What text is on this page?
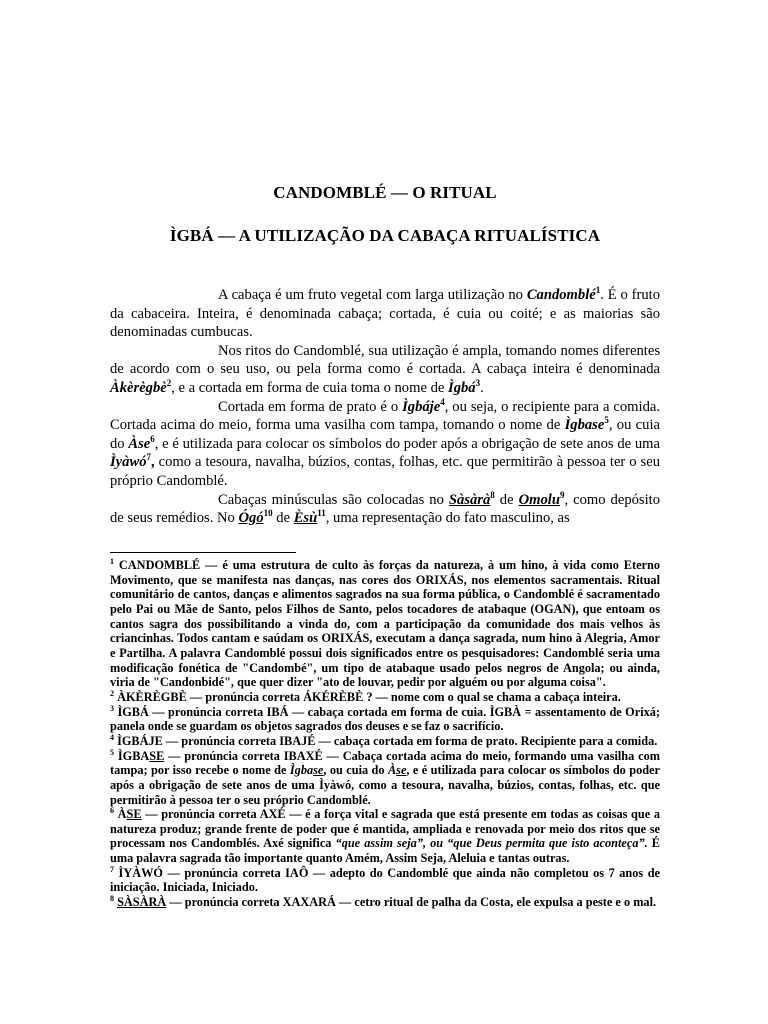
CANDOMBLÉ — O RITUAL
ÌGBÁ — A UTILIZAÇÃO DA CABAÇA RITUALÍSTICA

A cabaça é um fruto vegetal com larga utilização no Candomblé$^1$. É o fruto da cabaceira. Inteira, é denominada cabaça; cortada, é cuia ou coité; e as maiorias são denominadas cumbucas.

Nos ritos do Candomblé, sua utilização é ampla, tomando nomes diferentes de acordo com o seu uso, ou pela forma como é cortada. A cabaça inteira é denominada Àkèrègbè$^2$, e a cortada em forma de cuia toma o nome de Ìgbá$^3$.

Cortada em forma de prato é o Ìgbáje$^4$, ou seja, o recipiente para a comida. Cortada acima do meio, forma uma vasilha com tampa, tomando o nome de Ìgbase$^5$, ou cuia do Àse$^6$, e é utilizada para colocar os símbolos do poder após a obrigação de sete anos de uma Ìyàwó$^7$, como a tesoura, navalha, búzios, contas, folhas, etc. que permitirão à pessoa ter o seu próprio Candomblé.

Cabaças minúsculas são colocadas no Sàsàrà$^8$ de Omolu$^9$, como depósito de seus remédios. No Ógó$^{10}$ de Èsù$^{11}$, uma representação do fato masculino, as

$^1$ CANDOMBLÉ — é uma estrutura de culto às forças da natureza, à um hino, à vida como Eterno Movimento, que se manifesta nas danças, nas cores dos ORIXÁS, nos elementos sacramentais. Ritual comunitário de cantos, danças e alimentos sagrados na sua forma pública, o Candomblé é sacramentado pelo Pai ou Mãe de Santo, pelos Filhos de Santo, pelos tocadores de atabaque (OGAN), que entoam os cantos sagra dos possibilitando a vinda do, com a participação da comunidade dos mais velhos às criancinhas. Todos cantam e saúdam os ORIXÁS, executam a dança sagrada, num hino à Alegria, Amor e Partilha. A palavra Candomblé possui dois significados entre os pesquisadores: Candomblé seria uma modificação fonética de "Candombé", um tipo de atabaque usado pelos negros de Angola; ou ainda, viria de "Candonbidé", que quer dizer "ato de louvar, pedir por alguém ou por alguma coisa".

$^2$ ÀKÈRÈGBÈ — pronúncia correta ÁKÉRÈBÈ ? — nome com o qual se chama a cabaça inteira.

$^3$ ÌGBÁ — pronúncia correta IBÁ — cabaça cortada em forma de cuia. ÌGBÀ = assentamento de Orixá; panela onde se guardam os objetos sagrados dos deuses e se faz o sacrifício.

$^4$ ÌGBÁJE — pronúncia correta IBAJÉ — cabaça cortada em forma de prato. Recipiente para a comida.

$^5$ ÌGBASE — pronúncia correta IBAXÉ — Cabaça cortada acima do meio, formando uma vasilha com tampa; por isso recebe o nome de Ìgbase, ou cuia do Àse, e é utilizada para colocar os símbolos do poder após a obrigação de sete anos de uma Ìyàwó, como a tesoura, navalha, búzios, contas, folhas, etc. que permitirão à pessoa ter o seu próprio Candomblé.

$^6$ ÀSE — pronúncia correta AXÉ — é a força vital e sagrada que está presente em todas as coisas que a natureza produz; grande frente de poder que é mantida, ampliada e renovada por meio dos ritos que se processam nos Candomblés. Axé significa “que assim seja”, ou “que Deus permita que isto aconteça”. É uma palavra sagrada tão importante quanto Amém, Assim Seja, Aleluia e tantas outras.

$^7$ ÌYÀWÓ — pronúncia correta IAÔ — adepto do Candomblé que ainda não completou os 7 anos de iniciação. Iniciada, Iniciado.

$^8$ SÀSÀRÀ — pronúncia correta XAXARÁ — cetro ritual de palha da Costa, ele expulsa a peste e o mal.
